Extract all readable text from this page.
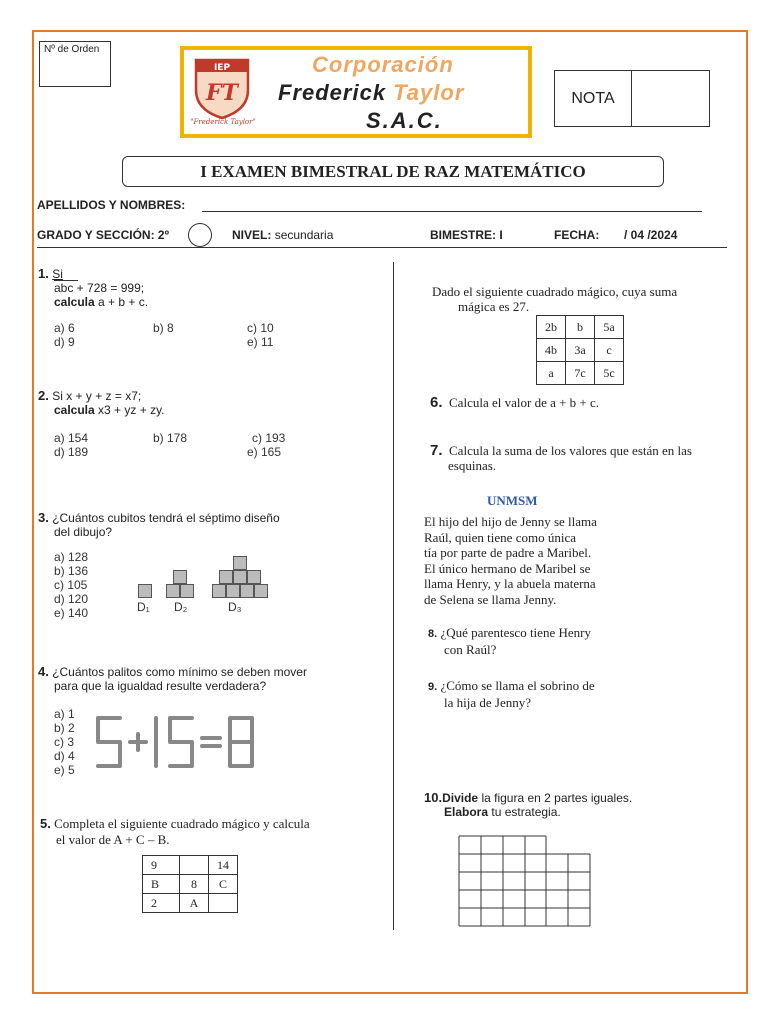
Nº de Orden
IEP
FT
"Frederick Taylor"
Corporación
Frederick Taylor
S.A.C.
NOTA
I EXAMEN BIMESTRAL DE RAZ MATEMÁTICO
APELLIDOS Y NOMBRES:
GRADO Y SECCIÓN: 2º	NIVEL: secundaria	BIMESTRE: I	FECHA: / 04 /2024
1. Si
abc + 728 = 999;
calcula a + b + c.
a) 6	b) 8	c) 10
d) 9	e) 11
2. Si x + y + z = x7;
calcula x3 + yz + zy.
a) 154	b) 178	c) 193
d) 189	e) 165
3. ¿Cuántos cubitos tendrá el séptimo diseño
del dibujo?
a) 128
b) 136
c) 105
d) 120
e) 140	D₁ D₂	D₃
4. ¿Cuántos palitos como mínimo se deben mover
para que la igualdad resulte verdadera?
a) 1
b) 2
c) 3
d) 4
e) 5
5. Completa el siguiente cuadrado mágico y calcula
el valor de A + C – B.
9		14
B	8	C
2	A	
Dado el siguiente cuadrado mágico, cuya suma
mágica es 27.
2b	b	5a
4b	3a	c
a	7c	5c
6. Calcula el valor de a + b + c.
7. Calcula la suma de los valores que están en las
esquinas.
UNMSM
El hijo del hijo de Jenny se llama
Raúl, quien tiene como única
tía por parte de padre a Maribel.
El único hermano de Maribel se
llama Henry, y la abuela materna
de Selena se llama Jenny.
8. ¿Qué parentesco tiene Henry
con Raúl?
9. ¿Cómo se llama el sobrino de
la hija de Jenny?
10.Divide la figura en 2 partes iguales.
Elabora tu estrategia.
